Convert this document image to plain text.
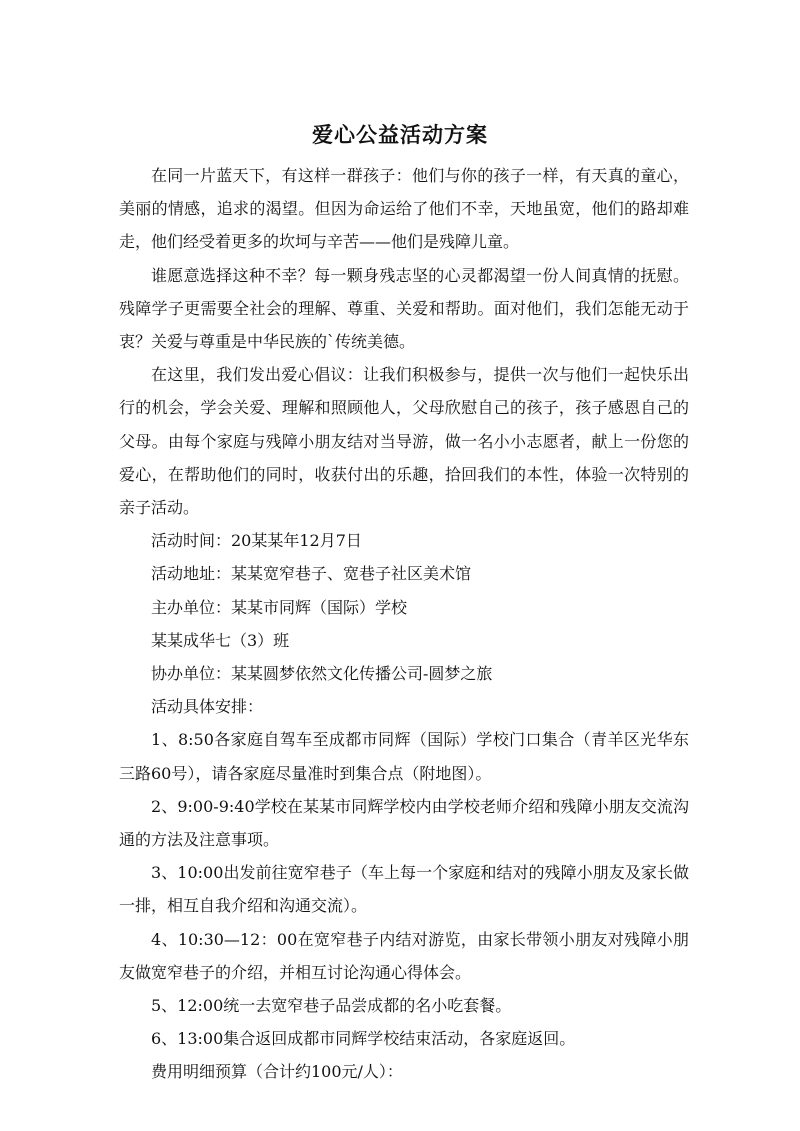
爱心公益活动方案

在同一片蓝天下，有这样一群孩子：他们与你的孩子一样，有天真的童心，美丽的情感，追求的渴望。但因为命运给了他们不幸，天地虽宽，他们的路却难走，他们经受着更多的坎坷与辛苦——他们是残障儿童。

谁愿意选择这种不幸？每一颗身残志坚的心灵都渴望一份人间真情的抚慰。残障学子更需要全社会的理解、尊重、关爱和帮助。面对他们，我们怎能无动于衷？关爱与尊重是中华民族的`传统美德。

在这里，我们发出爱心倡议：让我们积极参与，提供一次与他们一起快乐出行的机会，学会关爱、理解和照顾他人，父母欣慰自己的孩子，孩子感恩自己的父母。由每个家庭与残障小朋友结对当导游，做一名小小志愿者，献上一份您的爱心，在帮助他们的同时，收获付出的乐趣，拾回我们的本性，体验一次特别的亲子活动。

活动时间：20某某年12月7日

活动地址：某某宽窄巷子、宽巷子社区美术馆

主办单位：某某市同辉（国际）学校

某某成华七（3）班

协办单位：某某圆梦依然文化传播公司-圆梦之旅

活动具体安排：

1、8:50各家庭自驾车至成都市同辉（国际）学校门口集合（青羊区光华东三路60号），请各家庭尽量准时到集合点（附地图）。

2、9:00-9:40学校在某某市同辉学校内由学校老师介绍和残障小朋友交流沟通的方法及注意事项。

3、10:00出发前往宽窄巷子（车上每一个家庭和结对的残障小朋友及家长做一排，相互自我介绍和沟通交流）。

4、10:30—12：00在宽窄巷子内结对游览，由家长带领小朋友对残障小朋友做宽窄巷子的介绍，并相互讨论沟通心得体会。

5、12:00统一去宽窄巷子品尝成都的名小吃套餐。

6、13:00集合返回成都市同辉学校结束活动，各家庭返回。

费用明细预算（合计约100元/人）：
